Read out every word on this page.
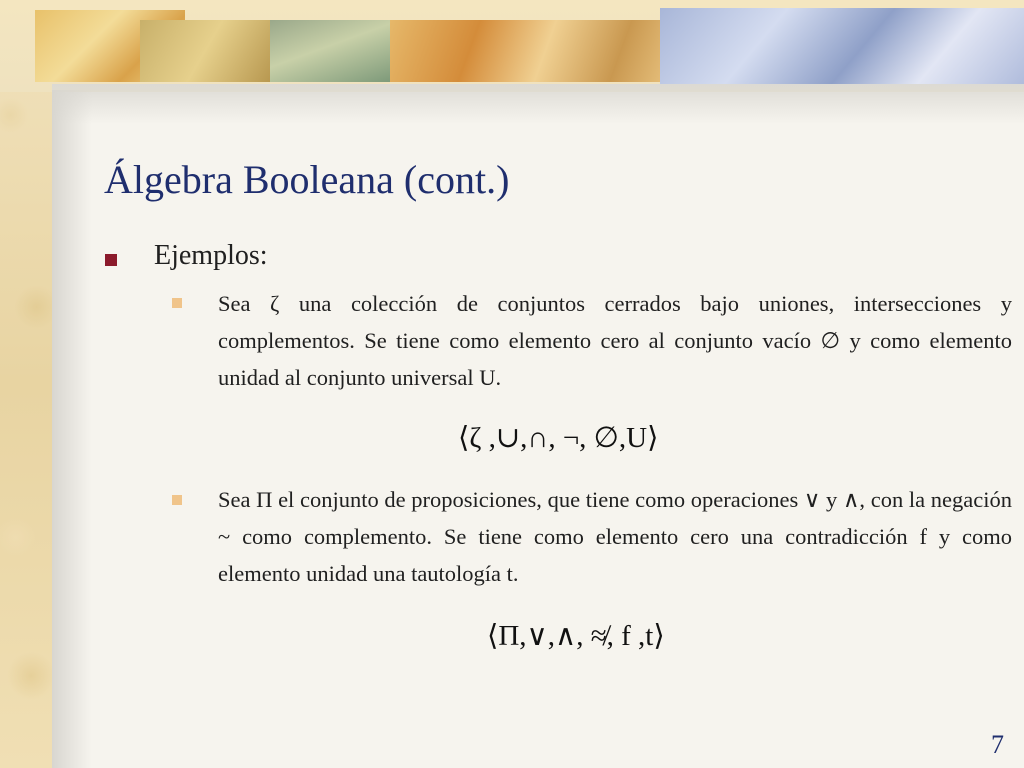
Álgebra Booleana (cont.)
Ejemplos:

Sea ζ una colección de conjuntos cerrados bajo uniones, intersecciones y complementos. Se tiene como elemento cero al conjunto vacío ∅ y como elemento unidad al conjunto universal U.

⟨ζ ,∪,∩, ¬, ∅,U⟩

Sea Π el conjunto de proposiciones, que tiene como operaciones ∨ y ∧, con la negación ~ como complemento. Se tiene como elemento cero una contradicción f y como elemento unidad una tautología t.

⟨Π,∨,∧, ≉, f ,t⟩
7
